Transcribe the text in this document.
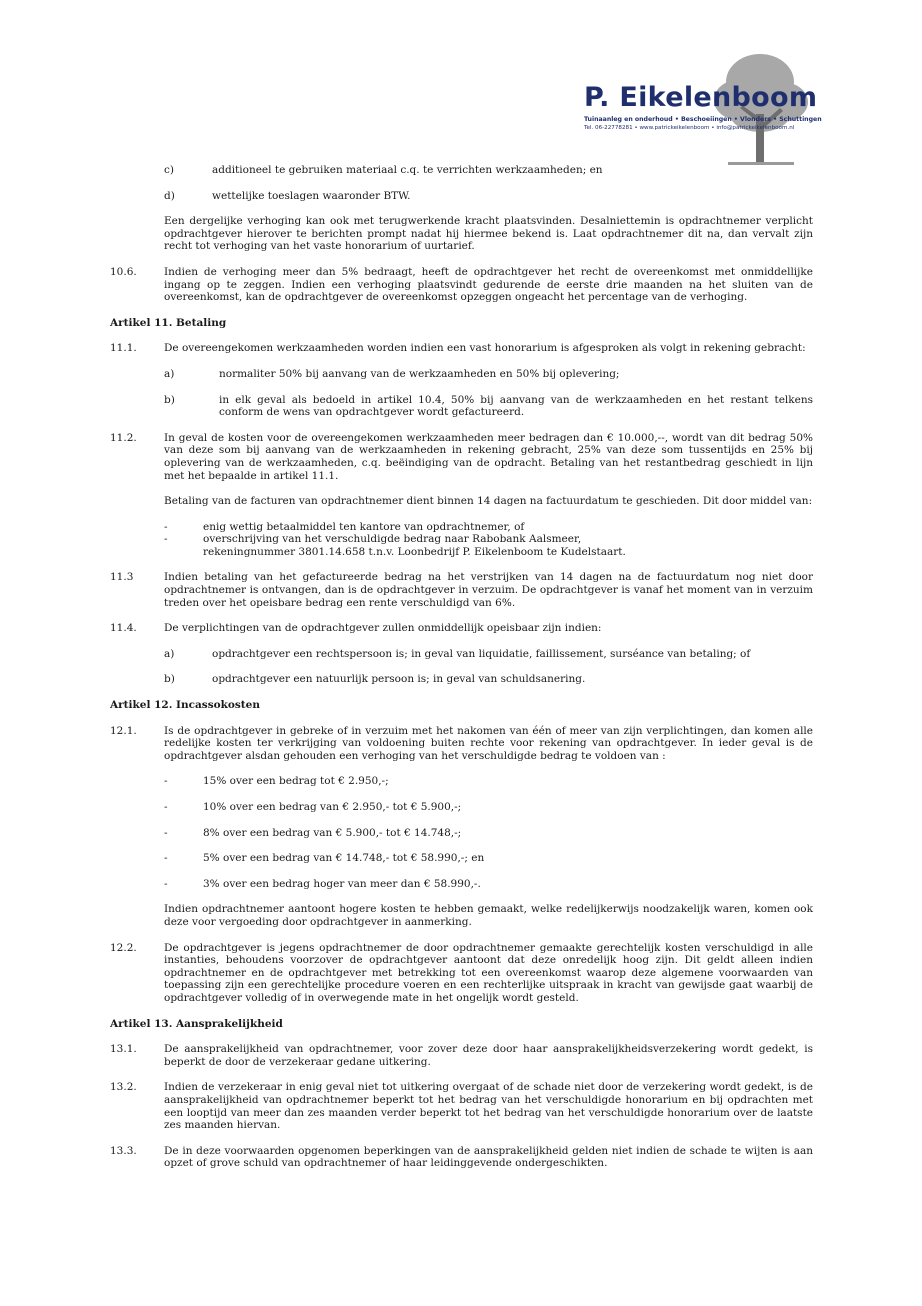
P. Eikelenboom
Tuinaanleg en onderhoud • Beschoeiingen • Vlonders • Schuttingen
Tel. 06-22778281 • www.patrickeikelenboom • info@patrickeikelenboom.nl
c)	additioneel te gebruiken materiaal c.q. te verrichten werkzaamheden; en
d)	wettelijke toeslagen waaronder BTW.
Een dergelijke verhoging kan ook met terugwerkende kracht plaatsvinden. Desalniettemin is opdrachtnemer verplicht opdrachtgever hierover te berichten prompt nadat hij hiermee bekend is. Laat opdrachtnemer dit na, dan vervalt zijn recht tot verhoging van het vaste honorarium of uurtarief.
10.6.	Indien de verhoging meer dan 5% bedraagt, heeft de opdrachtgever het recht de overeenkomst met onmiddellijke ingang op te zeggen. Indien een verhoging plaatsvindt gedurende de eerste drie maanden na het sluiten van de overeenkomst, kan de opdrachtgever de overeenkomst opzeggen ongeacht het percentage van de verhoging.
Artikel 11. Betaling
11.1.	De overeengekomen werkzaamheden worden indien een vast honorarium is afgesproken als volgt in rekening gebracht:
a)	normaliter 50% bij aanvang van de werkzaamheden en 50% bij oplevering;
b)	in elk geval als bedoeld in artikel 10.4, 50% bij aanvang van de werkzaamheden en het restant telkens conform de wens van opdrachtgever wordt gefactureerd.
11.2.	In geval de kosten voor de overeengekomen werkzaamheden meer bedragen dan € 10.000,--, wordt van dit bedrag 50% van deze som bij aanvang van de werkzaamheden in rekening gebracht, 25% van deze som tussentijds en 25% bij oplevering van de werkzaamheden, c.q. beëindiging van de opdracht. Betaling van het restantbedrag geschiedt in lijn met het bepaalde in artikel 11.1.
Betaling van de facturen van opdrachtnemer dient binnen 14 dagen na factuurdatum te geschieden. Dit door middel van:
-	enig wettig betaalmiddel ten kantore van opdrachtnemer, of
-	overschrijving van het verschuldigde bedrag naar Rabobank Aalsmeer,
rekeningnummer 3801.14.658 t.n.v. Loonbedrijf P. Eikelenboom te Kudelstaart.
11.3	Indien betaling van het gefactureerde bedrag na het verstrijken van 14 dagen na de factuurdatum nog niet door opdrachtnemer is ontvangen, dan is de opdrachtgever in verzuim. De opdrachtgever is vanaf het moment van in verzuim treden over het opeisbare bedrag een rente verschuldigd van 6%.
11.4.	De verplichtingen van de opdrachtgever zullen onmiddellijk opeisbaar zijn indien:
a)	opdrachtgever een rechtspersoon is; in geval van liquidatie, faillissement, surséance van betaling; of
b)	opdrachtgever een natuurlijk persoon is; in geval van schuldsanering.
Artikel 12. Incassokosten
12.1.	Is de opdrachtgever in gebreke of in verzuim met het nakomen van één of meer van zijn verplichtingen, dan komen alle redelijke kosten ter verkrijging van voldoening buiten rechte voor rekening van opdrachtgever. In ieder geval is de opdrachtgever alsdan gehouden een verhoging van het verschuldigde bedrag te voldoen van :
-	15% over een bedrag tot € 2.950,-;
-	10% over een bedrag van € 2.950,- tot € 5.900,-;
-	8% over een bedrag van € 5.900,- tot € 14.748,-;
-	5% over een bedrag van € 14.748,- tot € 58.990,-; en
-	3% over een bedrag hoger van meer dan € 58.990,-.
Indien opdrachtnemer aantoont hogere kosten te hebben gemaakt, welke redelijkerwijs noodzakelijk waren, komen ook deze voor vergoeding door opdrachtgever in aanmerking.
12.2.	De opdrachtgever is jegens opdrachtnemer de door opdrachtnemer gemaakte gerechtelijk kosten verschuldigd in alle instanties, behoudens voorzover de opdrachtgever aantoont dat deze onredelijk hoog zijn. Dit geldt alleen indien opdrachtnemer en de opdrachtgever met betrekking tot een overeenkomst waarop deze algemene voorwaarden van toepassing zijn een gerechtelijke procedure voeren en een rechterlijke uitspraak in kracht van gewijsde gaat waarbij de opdrachtgever volledig of in overwegende mate in het ongelijk wordt gesteld.
Artikel 13. Aansprakelijkheid
13.1.	De aansprakelijkheid van opdrachtnemer, voor zover deze door haar aansprakelijkheidsverzekering wordt gedekt, is beperkt de door de verzekeraar gedane uitkering.
13.2.	Indien de verzekeraar in enig geval niet tot uitkering overgaat of de schade niet door de verzekering wordt gedekt, is de aansprakelijkheid van opdrachtnemer beperkt tot het bedrag van het verschuldigde honorarium en bij opdrachten met een looptijd van meer dan zes maanden verder beperkt tot het bedrag van het verschuldigde honorarium over de laatste zes maanden hiervan.
13.3.	De in deze voorwaarden opgenomen beperkingen van de aansprakelijkheid gelden niet indien de schade te wijten is aan opzet of grove schuld van opdrachtnemer of haar leidinggevende ondergeschikten.
